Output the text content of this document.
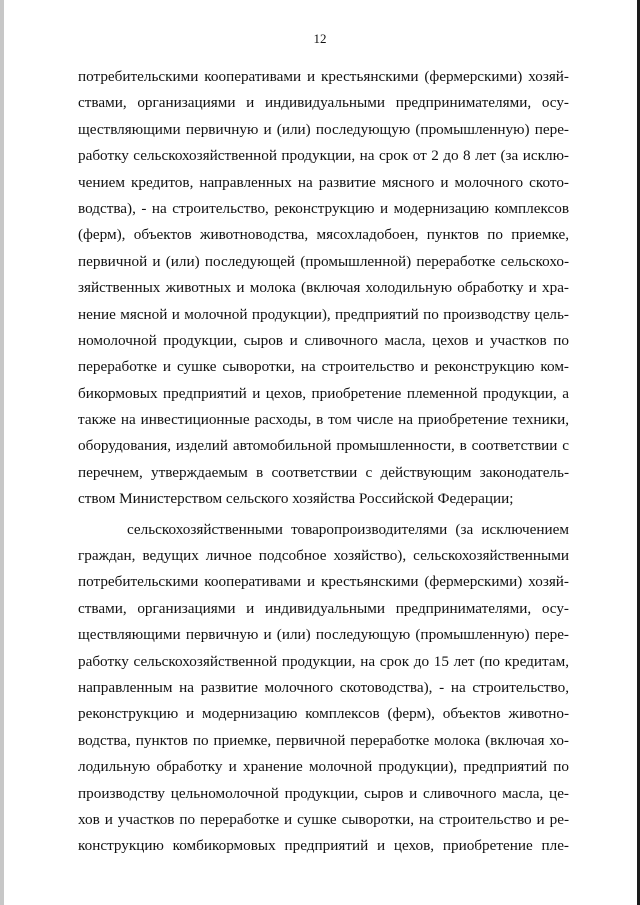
12
потребительскими кооперативами и крестьянскими (фермерскими) хозяй-
ствами, организациями и индивидуальными предпринимателями, осу-
ществляющими первичную и (или) последующую (промышленную) пере-
работку сельскохозяйственной продукции, на срок от 2 до 8 лет (за исклю-
чением кредитов, направленных на развитие мясного и молочного ското-
водства), - на строительство, реконструкцию и модернизацию комплексов
(ферм), объектов животноводства, мясохладобоен, пунктов по приемке,
первичной и (или) последующей (промышленной) переработке сельскохо-
зяйственных животных и молока (включая холодильную обработку и хра-
нение мясной и молочной продукции), предприятий по производству цель-
номолочной продукции, сыров и сливочного масла, цехов и участков по
переработке и сушке сыворотки, на строительство и реконструкцию ком-
бикормовых предприятий и цехов, приобретение племенной продукции, а
также на инвестиционные расходы, в том числе на приобретение техники,
оборудования, изделий автомобильной промышленности, в соответствии с
перечнем, утверждаемым в соответствии с действующим законодатель-
ством Министерством сельского хозяйства Российской Федерации;
сельскохозяйственными товаропроизводителями (за исключением
граждан, ведущих личное подсобное хозяйство), сельскохозяйственными
потребительскими кооперативами и крестьянскими (фермерскими) хозяй-
ствами, организациями и индивидуальными предпринимателями, осу-
ществляющими первичную и (или) последующую (промышленную) пере-
работку сельскохозяйственной продукции, на срок до 15 лет (по кредитам,
направленным на развитие молочного скотоводства), - на строительство,
реконструкцию и модернизацию комплексов (ферм), объектов животно-
водства, пунктов по приемке, первичной переработке молока (включая хо-
лодильную обработку и хранение молочной продукции), предприятий по
производству цельномолочной продукции, сыров и сливочного масла, це-
хов и участков по переработке и сушке сыворотки, на строительство и ре-
конструкцию комбикормовых предприятий и цехов, приобретение пле-
